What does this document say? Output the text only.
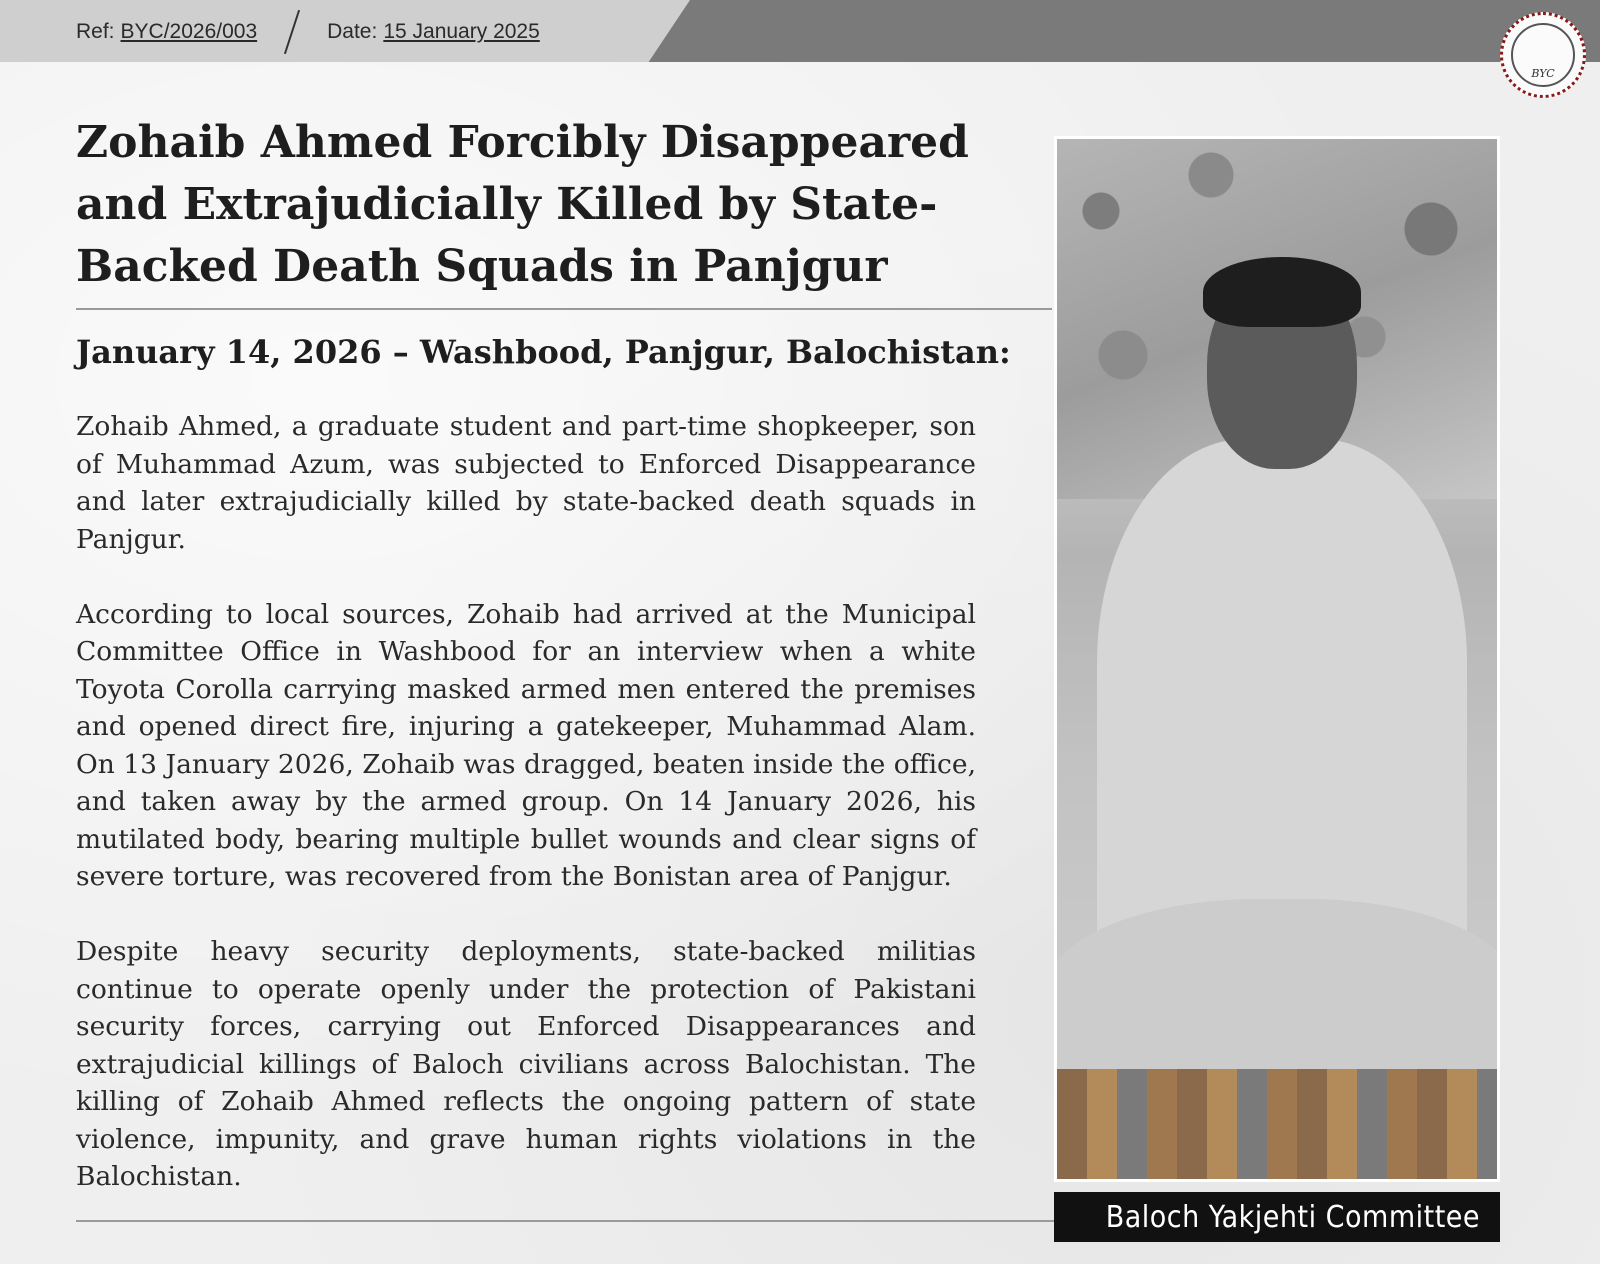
Ref: BYC/2026/003	Date: 15 January 2025
BYC
Zohaib Ahmed Forcibly Disappeared and Extrajudicially Killed by State-Backed Death Squads in Panjgur
January 14, 2026 – Washbood, Panjgur, Balochistan:

Zohaib Ahmed, a graduate student and part-time shopkeeper, son of Muhammad Azum, was subjected to Enforced Disappearance and later extrajudicially killed by state-backed death squads in Panjgur.

According to local sources, Zohaib had arrived at the Municipal Committee Office in Washbood for an interview when a white Toyota Corolla carrying masked armed men entered the premises and opened direct fire, injuring a gatekeeper, Muhammad Alam. On 13 January 2026, Zohaib was dragged, beaten inside the office, and taken away by the armed group. On 14 January 2026, his mutilated body, bearing multiple bullet wounds and clear signs of severe torture, was recovered from the Bonistan area of Panjgur.

Despite heavy security deployments, state-backed militias continue to operate openly under the protection of Pakistani security forces, carrying out Enforced Disappearances and extrajudicial killings of Baloch civilians across Balochistan. The killing of Zohaib Ahmed reflects the ongoing pattern of state violence, impunity, and grave human rights violations in the Balochistan.

Baloch Yakjehti Committee
